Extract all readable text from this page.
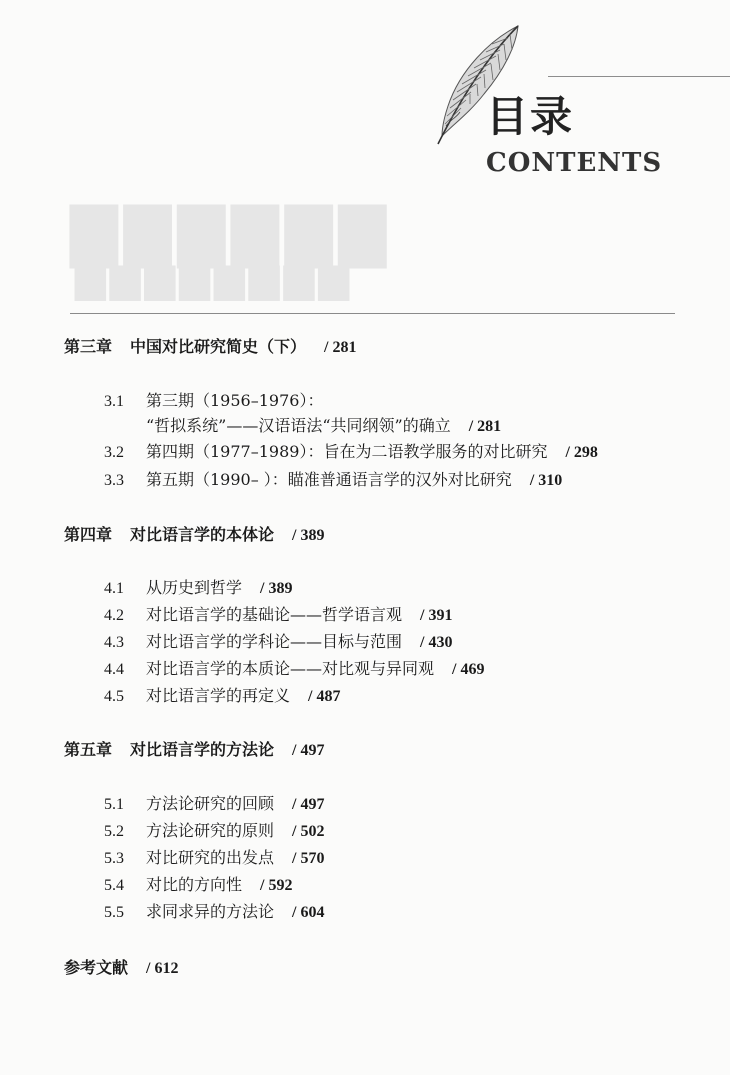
▇▇▇▇▇▇
▆▆▆▆▆▆▆▆
目录
CONTENTS
第三章 中国对比研究简史（下） / 281
3.1 第三期（1956–1976）：
“哲拟系统”——汉语语法“共同纲领”的确立 / 281
3.2 第四期（1977–1989）：旨在为二语教学服务的对比研究 / 298
3.3 第五期（1990– ）：瞄准普通语言学的汉外对比研究 / 310
第四章 对比语言学的本体论 / 389
4.1 从历史到哲学 / 389
4.2 对比语言学的基础论——哲学语言观 / 391
4.3 对比语言学的学科论——目标与范围 / 430
4.4 对比语言学的本质论——对比观与异同观 / 469
4.5 对比语言学的再定义 / 487
第五章 对比语言学的方法论 / 497
5.1 方法论研究的回顾 / 497
5.2 方法论研究的原则 / 502
5.3 对比研究的出发点 / 570
5.4 对比的方向性 / 592
5.5 求同求异的方法论 / 604
参考文献 / 612
